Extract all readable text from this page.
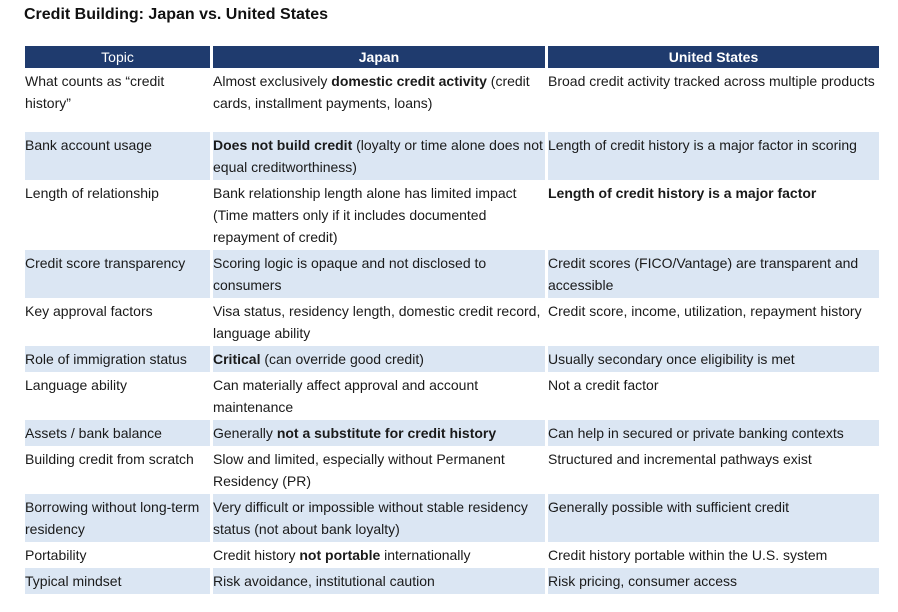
Credit Building: Japan vs. United States
Topic	Japan	United States
What counts as “credit history”	Almost exclusively domestic credit activity (credit cards, installment payments, loans)	Broad credit activity tracked across multiple products
Bank account usage	Does not build credit (loyalty or time alone does not equal creditworthiness)	Length of credit history is a major factor in scoring
Length of relationship	Bank relationship length alone has limited impact (Time matters only if it includes documented repayment of credit)	Length of credit history is a major factor
Credit score transparency	Scoring logic is opaque and not disclosed to consumers	Credit scores (FICO/Vantage) are transparent and accessible
Key approval factors	Visa status, residency length, domestic credit record, language ability	Credit score, income, utilization, repayment history
Role of immigration status	Critical (can override good credit)	Usually secondary once eligibility is met
Language ability	Can materially affect approval and account maintenance	Not a credit factor
Assets / bank balance	Generally not a substitute for credit history	Can help in secured or private banking contexts
Building credit from scratch	Slow and limited, especially without Permanent Residency (PR)	Structured and incremental pathways exist
Borrowing without long-term residency	Very difficult or impossible without stable residency status (not about bank loyalty)	Generally possible with sufficient credit
Portability	Credit history not portable internationally	Credit history portable within the U.S. system
Typical mindset	Risk avoidance, institutional caution	Risk pricing, consumer access
